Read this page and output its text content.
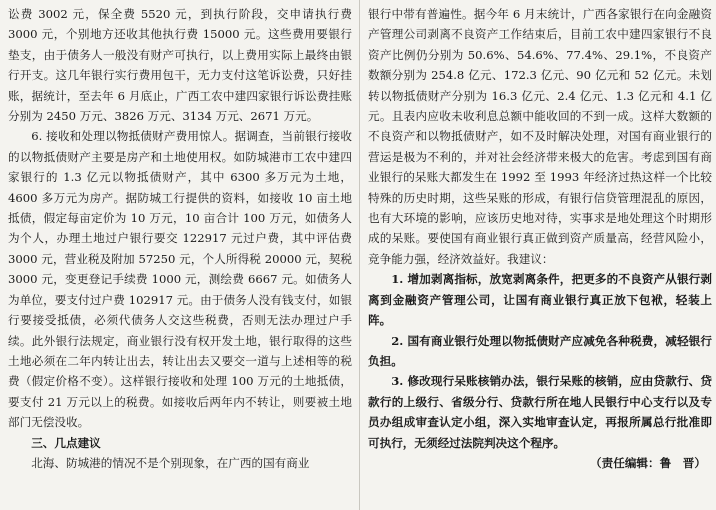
讼费 3002 元，保全费 5520 元，到执行阶段，交申请执行费 3000 元，个别地方还收其他执行费 15000 元。这些费用要银行垫支，由于债务人一般没有财产可执行，以上费用实际上最终由银行开支。这几年银行实行费用包干，无力支付这笔诉讼费，只好挂账，据统计，至去年 6 月底止，广西工农中建四家银行诉讼费挂账分别为 2450 万元、3826 万元、3134 万元、2671 万元。

6. 接收和处理以物抵债财产费用惊人。据调查，当前银行接收的以物抵债财产主要是房产和土地使用权。如防城港市工农中建四家银行的 1.3 亿元以物抵债财产，其中 6300 多万元为土地，4600 多万元为房产。据防城工行提供的资料，如接收 10 亩土地抵债，假定每亩定价为 10 万元，10 亩合计 100 万元，如债务人为个人，办理土地过户银行要交 122917 元过户费，其中评估费 3000 元，营业税及附加 57250 元，个人所得税 20000 元，契税 3000 元，变更登记手续费 1000 元，测绘费 6667 元。如债务人为单位，要支付过户费 102917 元。由于债务人没有钱支付，如银行要接受抵债，必须代债务人交这些税费，否则无法办理过户手续。此外银行法规定，商业银行没有权开发土地，银行取得的这些土地必须在二年内转让出去，转让出去又要交一道与上述相等的税费（假定价格不变）。这样银行接收和处理 100 万元的土地抵债，要支付 21 万元以上的税费。如接收后两年内不转让，则要被土地部门无偿没收。

三、几点建议

北海、防城港的情况不是个别现象，在广西的国有商业

银行中带有普遍性。据今年 6 月末统计，广西各家银行在向金融资产管理公司剥离不良资产工作结束后，目前工农中建四家银行不良资产比例仍分别为 50.6%、54.6%、77.4%、29.1%，不良资产数额分别为 254.8 亿元、172.3 亿元、90 亿元和 52 亿元。未划转以物抵债财产分别为 16.3 亿元、2.4 亿元、1.3 亿元和 4.1 亿元。且表内应收未收利息总额中能收回的不到一成。这样大数额的不良资产和以物抵债财产，如不及时解决处理，对国有商业银行的营运是极为不利的，并对社会经济带来极大的危害。考虑到国有商业银行的呆账大都发生在 1992 至 1993 年经济过热这样一个比较特殊的历史时期，这些呆账的形成，有银行信贷管理混乱的原因，也有大环境的影响，应该历史地对待，实事求是地处理这个时期形成的呆账。要使国有商业银行真正做到资产质量高，经营风险小，竞争能力强，经济效益好。我建议：

1. 增加剥离指标，放宽剥离条件，把更多的不良资产从银行剥离到金融资产管理公司，让国有商业银行真正放下包袱，轻装上阵。

2. 国有商业银行处理以物抵债财产应减免各种税费，减轻银行负担。

3. 修改现行呆账核销办法，银行呆账的核销，应由贷款行、贷款行的上级行、省级分行、贷款行所在地人民银行中心支行以及专员办组成审查认定小组，深入实地审查认定，再报所属总行批准即可执行，无须经过法院判决这个程序。

（责任编辑：鲁　晋）
